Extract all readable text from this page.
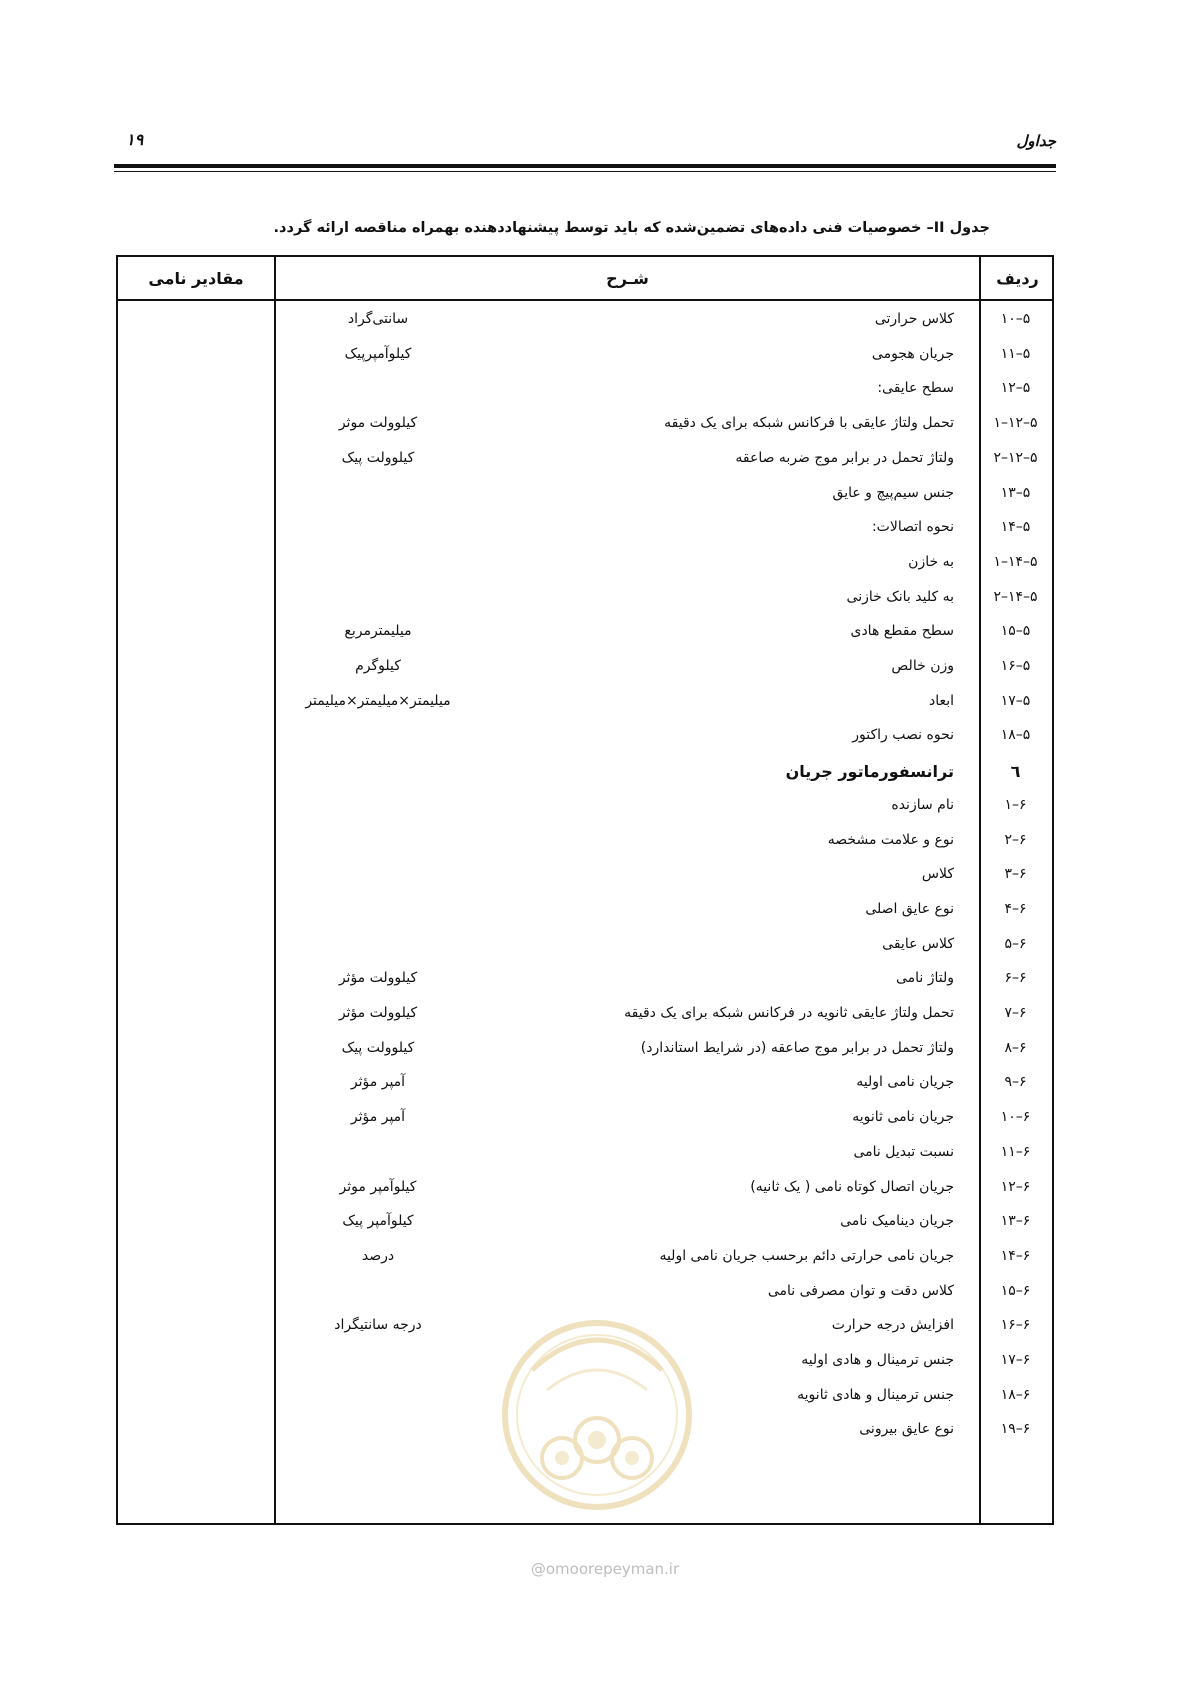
جداول
۱۹
جدول II– خصوصیات فنی داده‌های تضمین‌شده که باید توسط پیشنهاددهنده بهمراه مناقصه ارائه گردد.
ردیف
شـرح
مقادیر نامی
۵–۱۰
کلاس حرارتی
سانتی‌گراد
۵–۱۱
جریان هجومی
کیلوآمپرپیک
۵–۱۲
سطح عایقی:
۵–۱۲–۱
تحمل ولتاژ عایقی با فرکانس شبکه برای یک دقیقه
کیلوولت موثر
۵–۱۲–۲
ولتاژ تحمل در برابر موج ضربه صاعقه
کیلوولت پیک
۵–۱۳
جنس سیم‌پیچ و عایق
۵–۱۴
نحوه اتصالات:
۵–۱۴–۱
به خازن
۵–۱۴–۲
به کلید بانک خازنی
۵–۱۵
سطح مقطع هادی
میلیمترمربع
۵–۱۶
وزن خالص
کیلوگرم
۵–۱۷
ابعاد
میلیمتر×میلیمتر×میلیمتر
۵–۱۸
نحوه نصب راکتور
٦
ترانسفورماتور جریان
۶–۱
نام سازنده
۶–۲
نوع و علامت مشخصه
۶–۳
کلاس
۶–۴
نوع عایق اصلی
۶–۵
کلاس عایقی
۶–۶
ولتاژ نامی
کیلوولت مؤثر
۶–۷
تحمل ولتاژ عایقی ثانویه در فرکانس شبکه برای یک دقیقه
کیلوولت مؤثر
۶–۸
ولتاژ تحمل در برابر موج صاعقه (در شرایط استاندارد)
کیلوولت پیک
۶–۹
جریان نامی اولیه
آمپر مؤثر
۶–۱۰
جریان نامی ثانویه
آمپر مؤثر
۶–۱۱
نسبت تبدیل نامی
۶–۱۲
جریان اتصال کوتاه نامی ( یک ثانیه)
کیلوآمپر موثر
۶–۱۳
جریان دینامیک نامی
کیلوآمپر پیک
۶–۱۴
جریان نامی حرارتی دائم برحسب جریان نامی اولیه
درصد
۶–۱۵
کلاس دقت و توان مصرفی نامی
۶–۱۶
افزایش درجه حرارت
درجه سانتیگراد
۶–۱۷
جنس ترمینال و هادی اولیه
۶–۱۸
جنس ترمینال و هادی ثانویه
۶–۱۹
نوع عایق بیرونی
@omoorepeyman.ir
